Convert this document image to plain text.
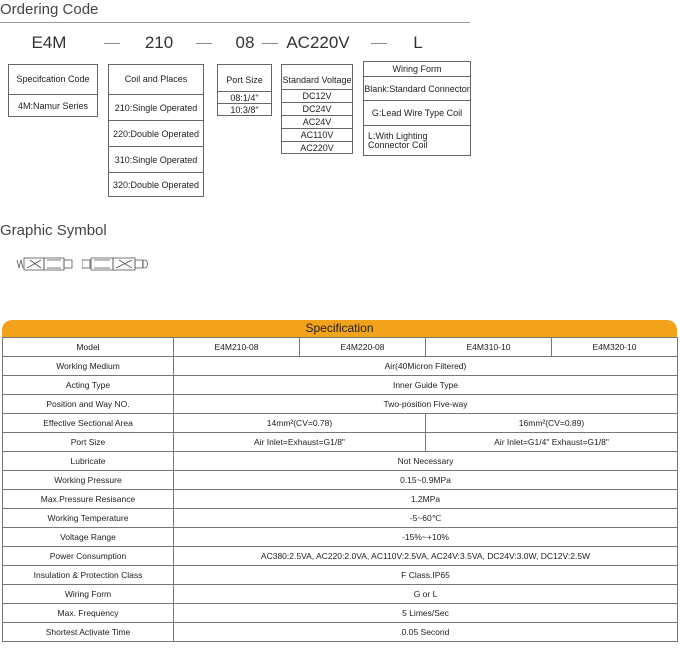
Ordering Code
E4M	210	08	AC220V	L
Specifcation Code
4M:Namur Series
Coil and Places
210:Single Operated
220:Double Operated
310:Single Operated
320:Double Operated
Port Size
08:1/4"
10:3/8"
Standard Voltage
DC12V
DC24V
AC24V
AC110V
AC220V
Wiring Form
Blank:Standard Connector
G:Lead Wire Type Coil
L:With Lighting Connector Coil
Graphic Symbol
Specification
Model	E4M210-08	E4M220-08	E4M310-10	E4M320-10
Working Medium	Air(40Micron Filtered)			
Acting Type	Inner Guide Type			
Position and Way NO.	Two-position Five-way			
Effective Sectional Area	14mm²(CV=0.78)		16mm²(CV=0.89)	
Port Size	Air Inlet=Exhaust=G1/8"		Air Inlet=G1/4" Exhaust=G1/8"	
Lubricate	Not Necessary			
Working Pressure	0.15~0.9MPa			
Max.Pressure Resisance	1.2MPa			
Working Temperature	-5~60℃			
Voltage Range	-15%~+10%			
Power Consumption	AC380:2.5VA, AC220:2.0VA, AC110V:2.5VA, AC24V:3.5VA, DC24V:3.0W, DC12V:2.5W			
Insulation & Protection Class	F Class.IP65			
Wiring Form	G or L			
Max. Frequency	5 Limes/Sec			
Shortest Activate Time	0.05 Second			
